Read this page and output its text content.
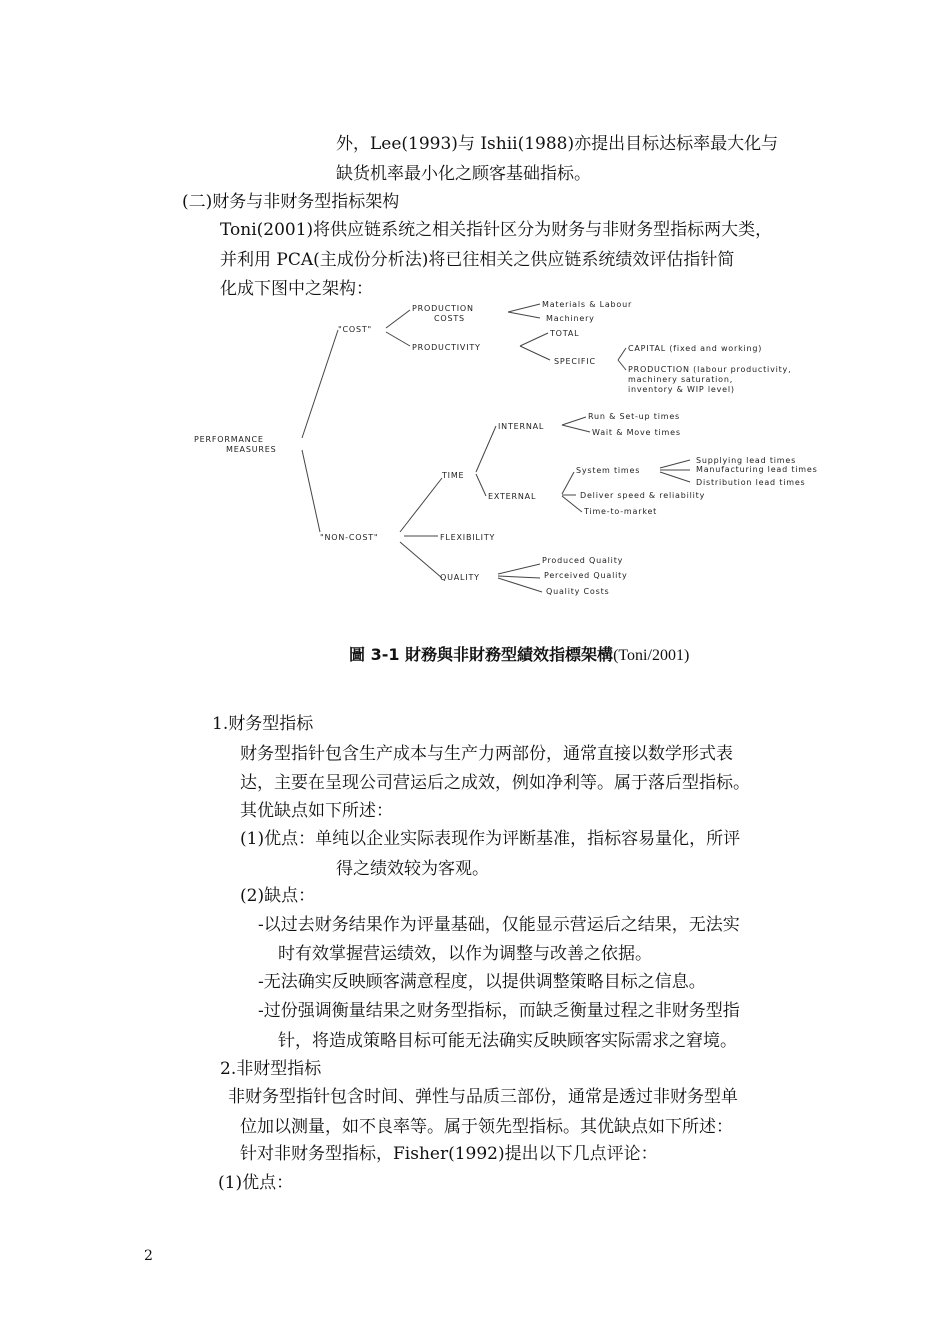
外，Lee(1993)与 Ishii(1988)亦提出目标达标率最大化与
缺货机率最小化之顾客基础指标。
(二)财务与非财务型指标架构
Toni(2001)将供应链系统之相关指针区分为财务与非财务型指标两大类，
并利用 PCA(主成份分析法)将已往相关之供应链系统绩效评估指针简
化成下图中之架构：
PERFORMANCE
MEASURES
"COST"
PRODUCTION
COSTS
Materials & Labour
Machinery
PRODUCTIVITY
TOTAL
SPECIFIC
CAPITAL (fixed and working)
PRODUCTION (labour productivity,
machinery saturation,
inventory & WIP level)
"NON-COST"
TIME
INTERNAL
Run & Set-up times
Wait & Move times
EXTERNAL
System times
Supplying lead times
Manufacturing lead times
Distribution lead times
Deliver speed & reliability
Time-to-market
FLEXIBILITY
QUALITY
Produced Quality
Perceived Quality
Quality Costs
圖 3-1 財務與非財務型績效指標架構(Toni/2001)
1.财务型指标
财务型指针包含生产成本与生产力两部份，通常直接以数学形式表
达，主要在呈现公司营运后之成效，例如净利等。属于落后型指标。
其优缺点如下所述：
(1)优点：单纯以企业实际表现作为评断基准，指标容易量化，所评
得之绩效较为客观。
(2)缺点：
-以过去财务结果作为评量基础，仅能显示营运后之结果，无法实
时有效掌握营运绩效，以作为调整与改善之依据。
-无法确实反映顾客满意程度，以提供调整策略目标之信息。
-过份强调衡量结果之财务型指标，而缺乏衡量过程之非财务型指
针，将造成策略目标可能无法确实反映顾客实际需求之窘境。
2.非财型指标
非财务型指针包含时间、弹性与品质三部份，通常是透过非财务型单
位加以测量，如不良率等。属于领先型指标。其优缺点如下所述：
针对非财务型指标，Fisher(1992)提出以下几点评论：
(1)优点：
2
